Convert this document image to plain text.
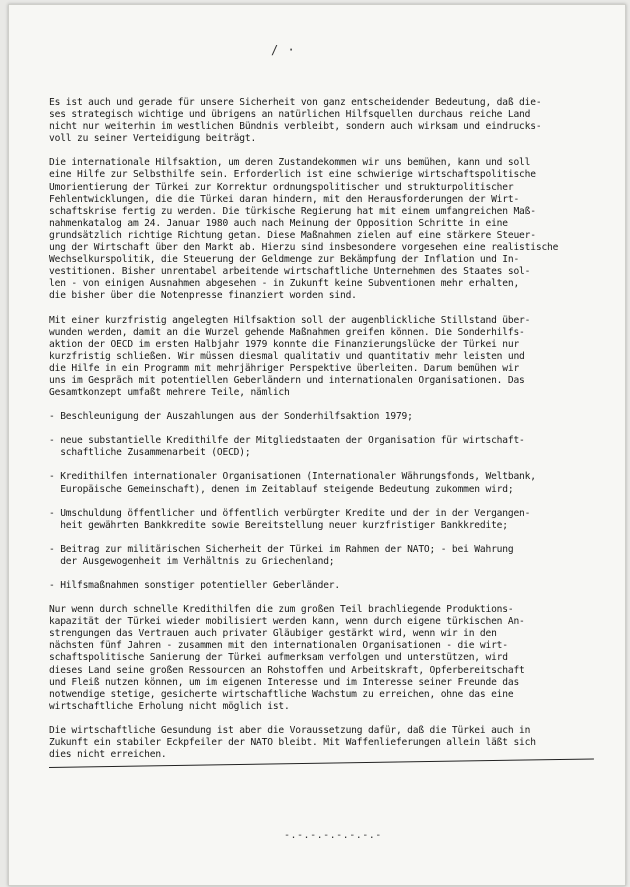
/ ·
Es ist auch und gerade für unsere Sicherheit von ganz entscheidender Bedeutung, daß die-
ses strategisch wichtige und übrigens an natürlichen Hilfsquellen durchaus reiche Land
nicht nur weiterhin im westlichen Bündnis verbleibt, sondern auch wirksam und eindrucks-
voll zu seiner Verteidigung beiträgt.
Die internationale Hilfsaktion, um deren Zustandekommen wir uns bemühen, kann und soll
eine Hilfe zur Selbsthilfe sein. Erforderlich ist eine schwierige wirtschaftspolitische
Umorientierung der Türkei zur Korrektur ordnungspolitischer und strukturpolitischer
Fehlentwicklungen, die die Türkei daran hindern, mit den Herausforderungen der Wirt-
schaftskrise fertig zu werden. Die türkische Regierung hat mit einem umfangreichen Maß-
nahmenkatalog am 24. Januar 1980 auch nach Meinung der Opposition Schritte in eine
grundsätzlich richtige Richtung getan. Diese Maßnahmen zielen auf eine stärkere Steuer-
ung der Wirtschaft über den Markt ab. Hierzu sind insbesondere vorgesehen eine realistische
Wechselkurspolitik, die Steuerung der Geldmenge zur Bekämpfung der Inflation und In-
vestitionen. Bisher unrentabel arbeitende wirtschaftliche Unternehmen des Staates sol-
len - von einigen Ausnahmen abgesehen - in Zukunft keine Subventionen mehr erhalten,
die bisher über die Notenpresse finanziert worden sind.
Mit einer kurzfristig angelegten Hilfsaktion soll der augenblickliche Stillstand über-
wunden werden, damit an die Wurzel gehende Maßnahmen greifen können. Die Sonderhilfs-
aktion der OECD im ersten Halbjahr 1979 konnte die Finanzierungslücke der Türkei nur
kurzfristig schließen. Wir müssen diesmal qualitativ und quantitativ mehr leisten und
die Hilfe in ein Programm mit mehrjähriger Perspektive überleiten. Darum bemühen wir
uns im Gespräch mit potentiellen Geberländern und internationalen Organisationen. Das
Gesamtkonzept umfaßt mehrere Teile, nämlich
- Beschleunigung der Auszahlungen aus der Sonderhilfsaktion 1979;
- neue substantielle Kredithilfe der Mitgliedstaaten der Organisation für wirtschaft-
schaftliche Zusammenarbeit (OECD);
- Kredithilfen internationaler Organisationen (Internationaler Währungsfonds, Weltbank,
Europäische Gemeinschaft), denen im Zeitablauf steigende Bedeutung zukommen wird;
- Umschuldung öffentlicher und öffentlich verbürgter Kredite und der in der Vergangen-
heit gewährten Bankkredite sowie Bereitstellung neuer kurzfristiger Bankkredite;
- Beitrag zur militärischen Sicherheit der Türkei im Rahmen der NATO; - bei Wahrung
der Ausgewogenheit im Verhältnis zu Griechenland;
- Hilfsmaßnahmen sonstiger potentieller Geberländer.
Nur wenn durch schnelle Kredithilfen die zum großen Teil brachliegende Produktions-
kapazität der Türkei wieder mobilisiert werden kann, wenn durch eigene türkischen An-
strengungen das Vertrauen auch privater Gläubiger gestärkt wird, wenn wir in den
nächsten fünf Jahren - zusammen mit den internationalen Organisationen - die wirt-
schaftspolitische Sanierung der Türkei aufmerksam verfolgen und unterstützen, wird
dieses Land seine großen Ressourcen an Rohstoffen und Arbeitskraft, Opferbereitschaft
und Fleiß nutzen können, um im eigenen Interesse und im Interesse seiner Freunde das
notwendige stetige, gesicherte wirtschaftliche Wachstum zu erreichen, ohne das eine
wirtschaftliche Erholung nicht möglich ist.
Die wirtschaftliche Gesundung ist aber die Voraussetzung dafür, daß die Türkei auch in
Zukunft ein stabiler Eckpfeiler der NATO bleibt. Mit Waffenlieferungen allein läßt sich
dies nicht erreichen.
-.-.-.-.-.-.-.-
